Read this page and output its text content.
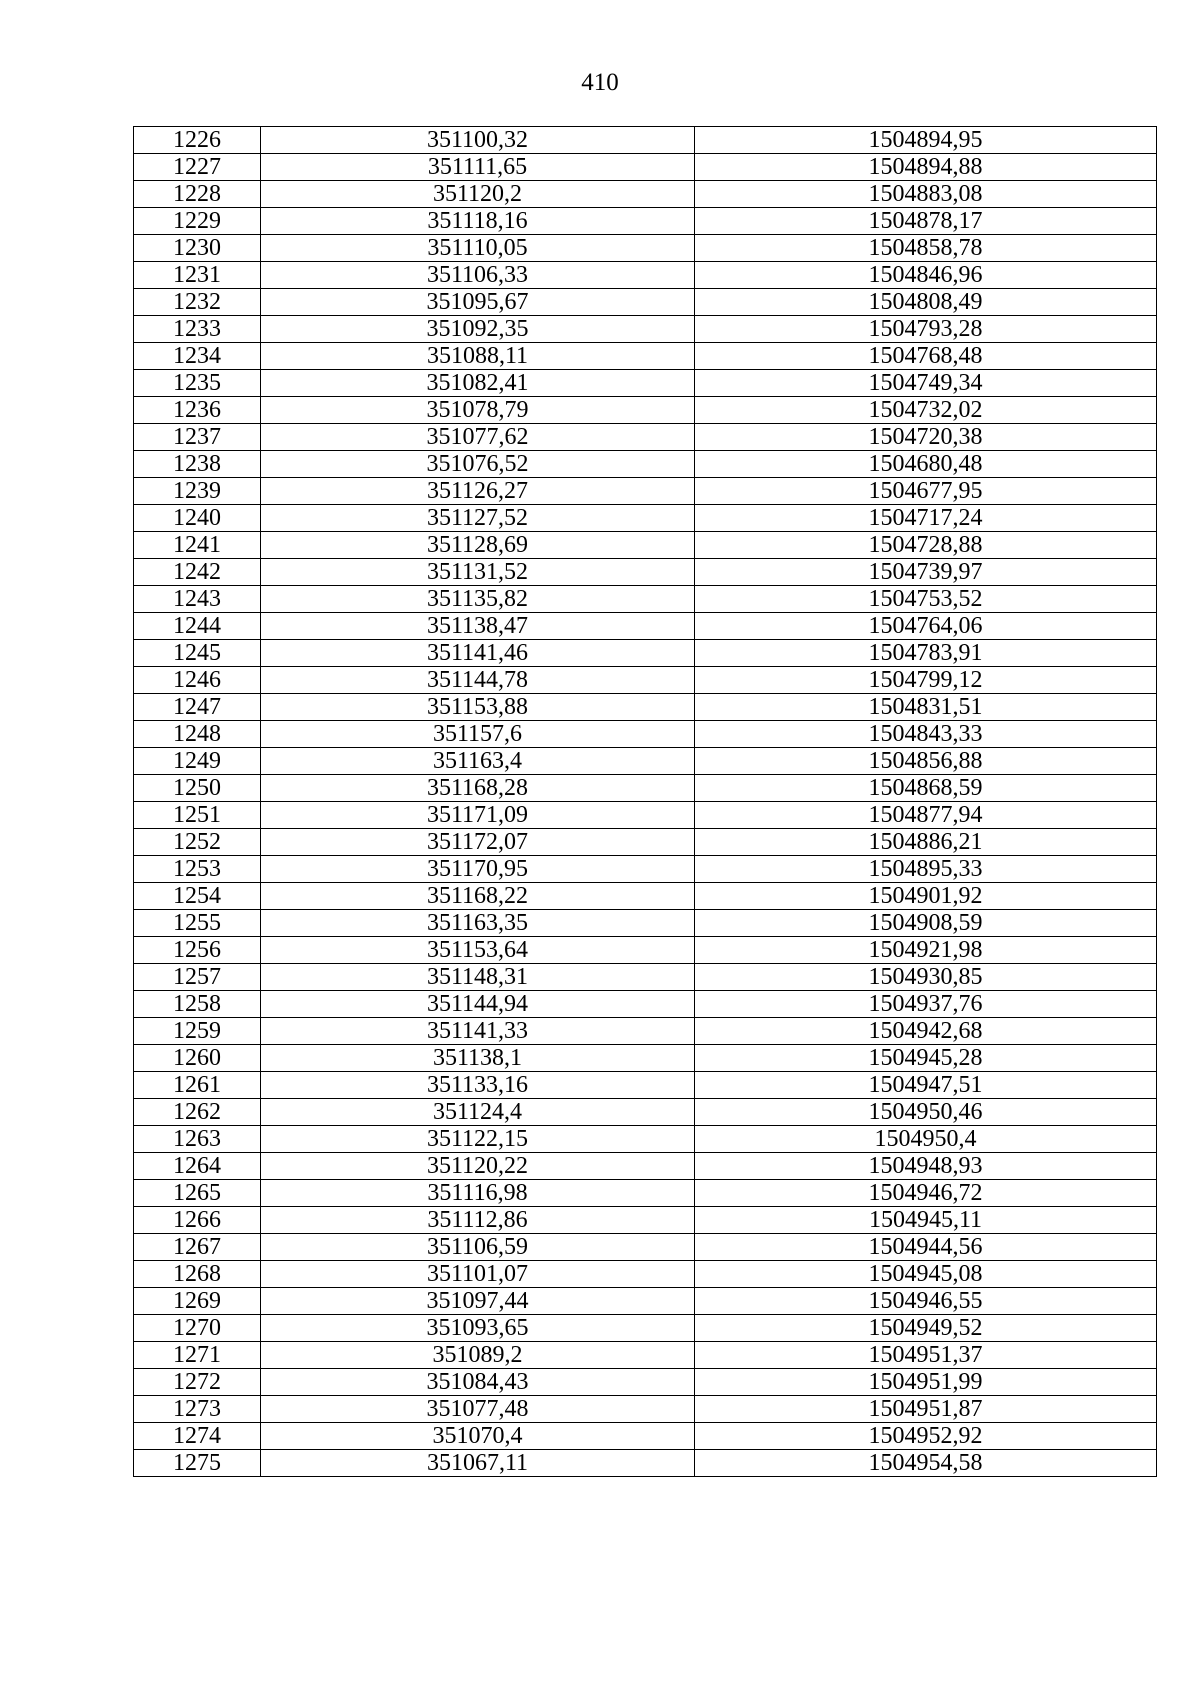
410
1226	351100,32	1504894,95
1227	351111,65	1504894,88
1228	351120,2	1504883,08
1229	351118,16	1504878,17
1230	351110,05	1504858,78
1231	351106,33	1504846,96
1232	351095,67	1504808,49
1233	351092,35	1504793,28
1234	351088,11	1504768,48
1235	351082,41	1504749,34
1236	351078,79	1504732,02
1237	351077,62	1504720,38
1238	351076,52	1504680,48
1239	351126,27	1504677,95
1240	351127,52	1504717,24
1241	351128,69	1504728,88
1242	351131,52	1504739,97
1243	351135,82	1504753,52
1244	351138,47	1504764,06
1245	351141,46	1504783,91
1246	351144,78	1504799,12
1247	351153,88	1504831,51
1248	351157,6	1504843,33
1249	351163,4	1504856,88
1250	351168,28	1504868,59
1251	351171,09	1504877,94
1252	351172,07	1504886,21
1253	351170,95	1504895,33
1254	351168,22	1504901,92
1255	351163,35	1504908,59
1256	351153,64	1504921,98
1257	351148,31	1504930,85
1258	351144,94	1504937,76
1259	351141,33	1504942,68
1260	351138,1	1504945,28
1261	351133,16	1504947,51
1262	351124,4	1504950,46
1263	351122,15	1504950,4
1264	351120,22	1504948,93
1265	351116,98	1504946,72
1266	351112,86	1504945,11
1267	351106,59	1504944,56
1268	351101,07	1504945,08
1269	351097,44	1504946,55
1270	351093,65	1504949,52
1271	351089,2	1504951,37
1272	351084,43	1504951,99
1273	351077,48	1504951,87
1274	351070,4	1504952,92
1275	351067,11	1504954,58
